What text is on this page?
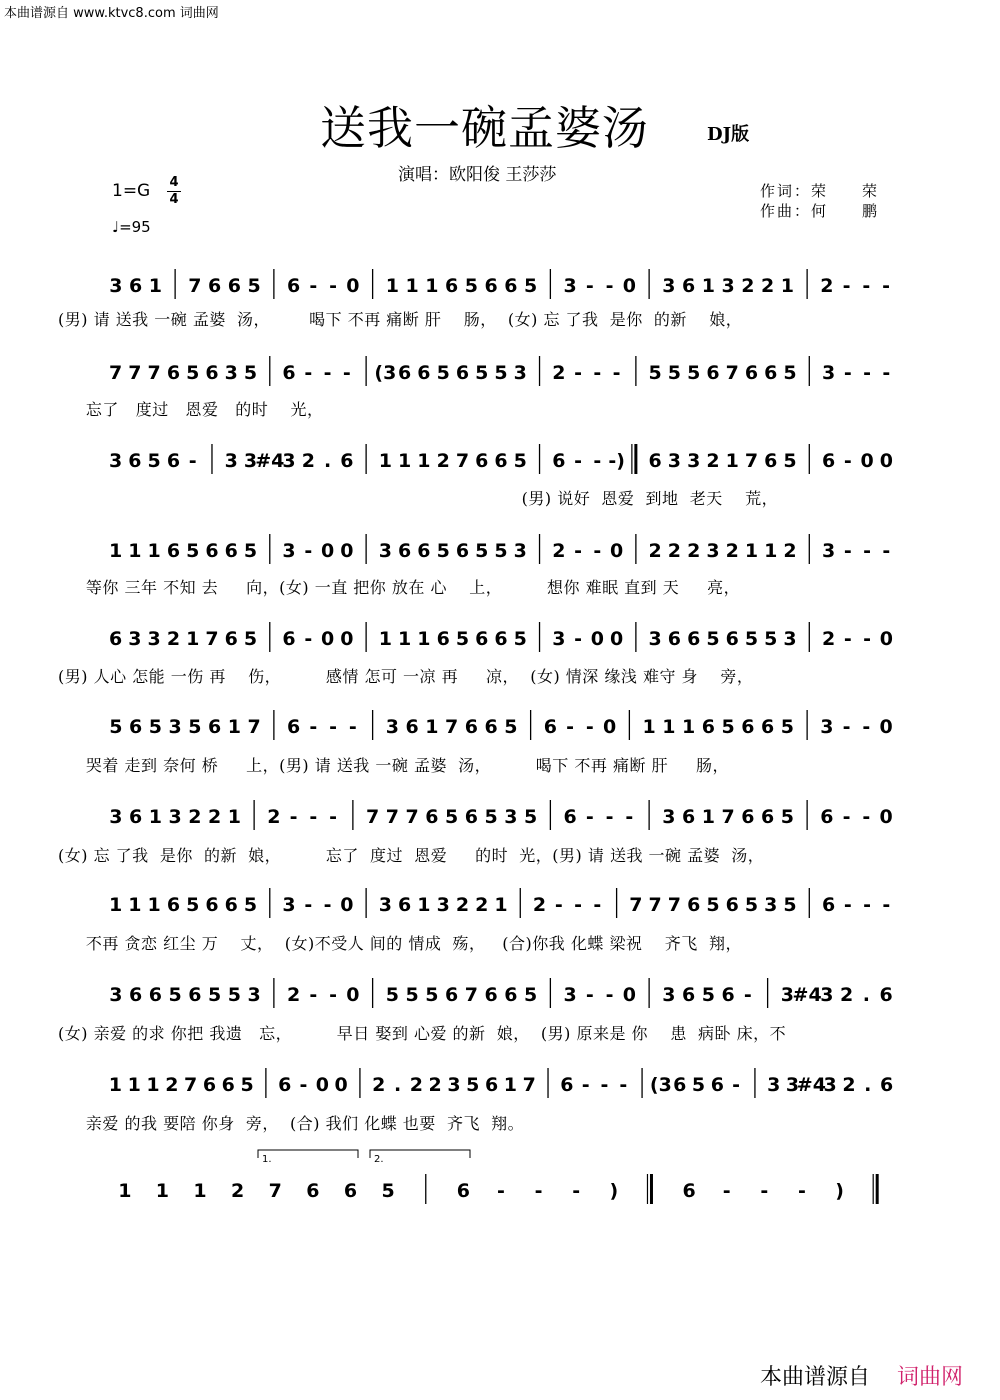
本曲谱源自 www.ktvc8.com 词曲网
送我一碗孟婆汤	DJ版
演唱：欧阳俊 王莎莎
1=G 4
4
♩=95
作词：荣　　荣
作曲：何　　鹏
3 6 1 7 6 6 5 6 - - 0 1 1 1 6 5 6 6 5 3 - - 0 3 6 1 3 2 2 1 2 - - -
(男) 请 送我 一碗 孟婆  汤，       喝下 不再 痛断 肝    肠，  (女) 忘 了我  是你  的新    娘，
7 7 7 6 5 6 3 5 6 - - - (3 6 6 5 6 5 5 3 2 - - - 5 5 5 6 7 6 6 5 3 - - -
忘了   度过   恩爱   的时    光，
3 6 5 6 - 3 3
#4
3 2 . 6 1 1 1 2 7 6 6 5 6 - - -) 6 3 3 2 1 7 6 5 6 - 0 0
(男) 说好  恩爱  到地  老天    荒，
1 1 1 6 5 6 6 5 3 - 0 0 3 6 6 5 6 5 5 3 2 - - 0 2 2 2 3 2 1 1 2 3 - - -
等你 三年 不知 去     向，(女) 一直 把你 放在 心    上，        想你 难眠 直到 天     亮，
6 3 3 2 1 7 6 5 6 - 0 0 1 1 1 6 5 6 6 5 3 - 0 0 3 6 6 5 6 5 5 3 2 - - 0
(男) 人心 怎能 一伤 再    伤，        感情 怎可 一凉 再     凉，  (女) 情深 缘浅 难守 身    旁，
5 6 5 3 5 6 1 7 6 - - - 3 6 1 7 6 6 5 6 - - 0 1 1 1 6 5 6 6 5 3 - - 0
哭着 走到 奈何 桥     上，(男) 请 送我 一碗 孟婆  汤，        喝下 不再 痛断 肝     肠，
3 6 1 3 2 2 1 2 - - - 7 7 7 6 5 6 5 3 5 6 - - - 3 6 1 7 6 6 5 6 - - 0
(女) 忘 了我  是你  的新  娘，        忘了  度过  恩爱     的时  光，(男) 请 送我 一碗 孟婆  汤，
1 1 1 6 5 6 6 5 3 - - 0 3 6 1 3 2 2 1 2 - - - 7 7 7 6 5 6 5 3 5 6 - - -
不再 贪恋 红尘 万    丈，  (女)不受人 间的 情成  殇，   (合)你我 化蝶 梁祝    齐飞  翔，
3 6 6 5 6 5 5 3 2 - - 0 5 5 5 6 7 6 6 5 3 - - 0 3 6 5 6 - 3
#4
3 2 . 6
(女) 亲爱 的求 你把 我遗   忘，        早日 娶到 心爱 的新  娘，  (男) 原来是 你    患  病卧 床，不
1 1 1 2 7 6 6 5 6 - 0 0 2 . 2 2 3 5 6 1 7 6 - - - (3 6 5 6 - 3 3
#4
3 2 . 6
亲爱 的我 要陪 你身  旁，  (合) 我们 化蝶 也要  齐飞  翔。
1 1 1 2 7 6 6 5	6 - - - )	6 - - - )
1.	2.
本曲谱源自 词曲网
